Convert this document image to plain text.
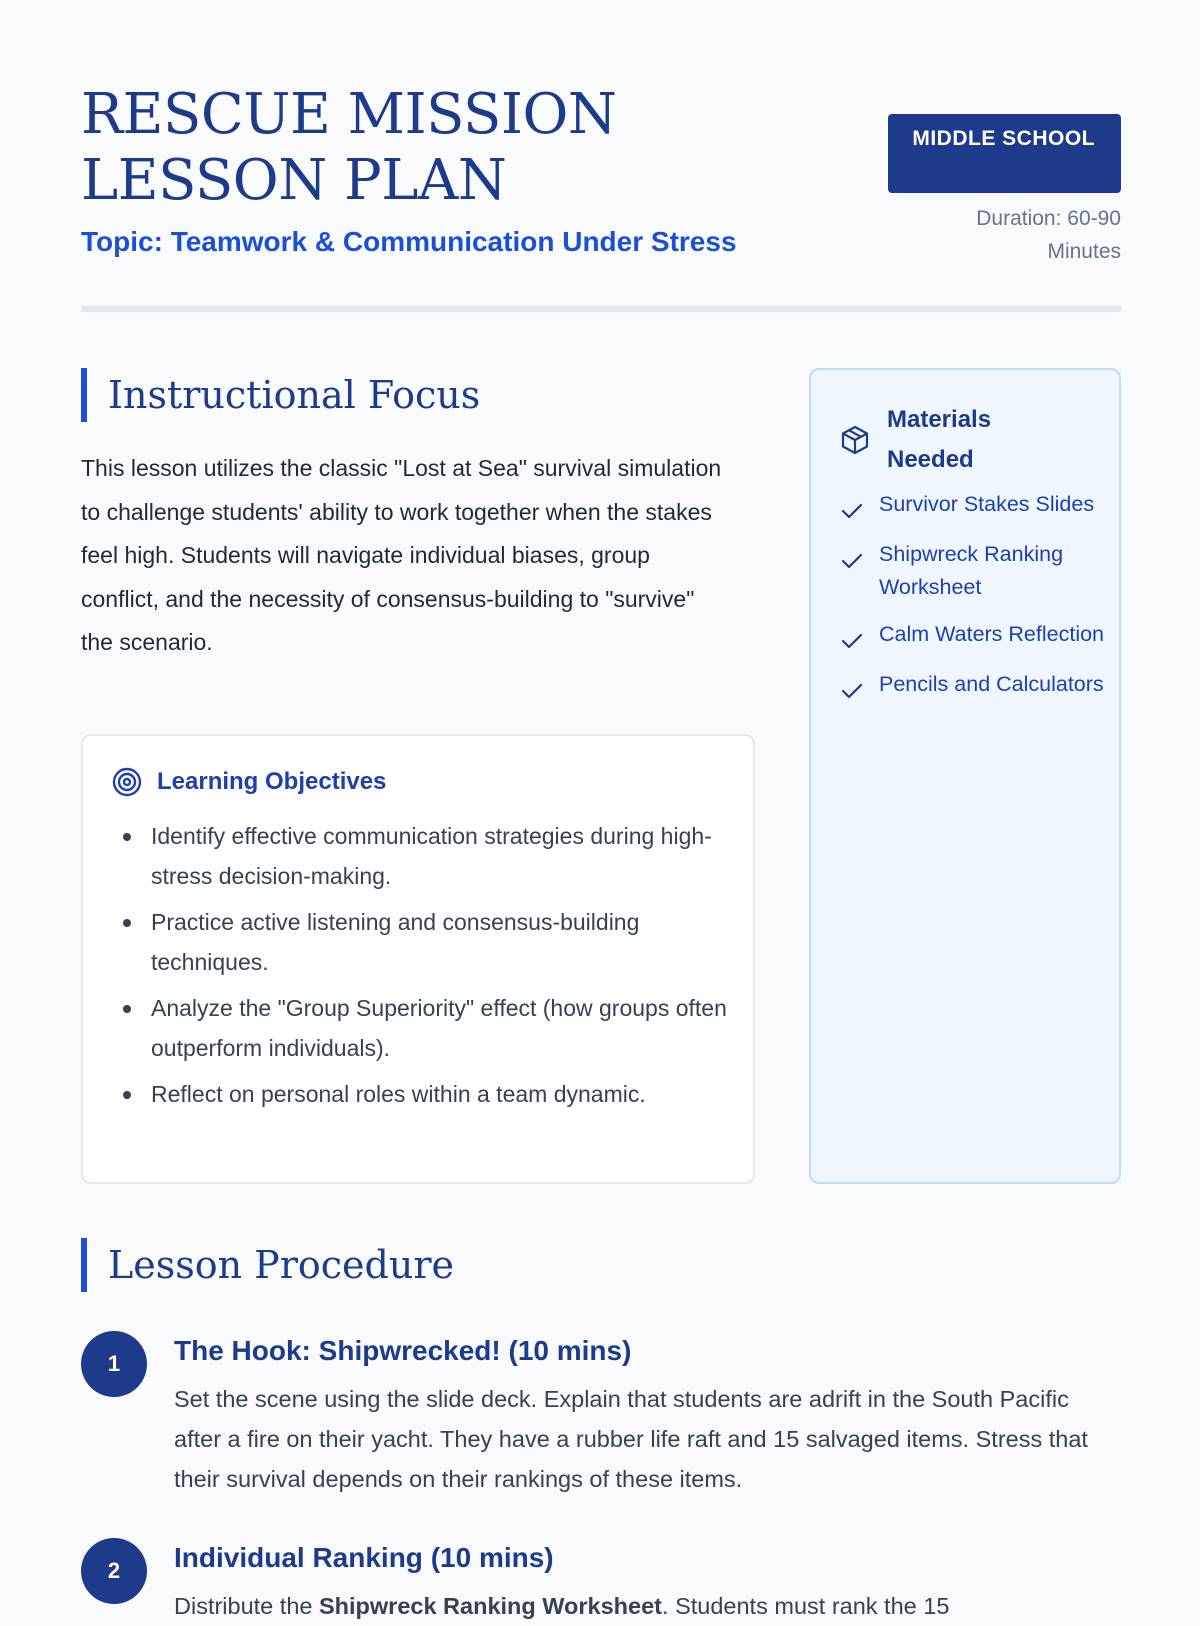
RESCUE MISSION LESSON PLAN
Topic: Teamwork & Communication Under Stress
MIDDLE SCHOOL
Duration: 60-90 Minutes
Instructional Focus

This lesson utilizes the classic "Lost at Sea" survival simulation to challenge students' ability to work together when the stakes feel high. Students will navigate individual biases, group conflict, and the necessity of consensus-building to "survive" the scenario.

Learning Objectives
Identify effective communication strategies during high-stress decision-making.
Practice active listening and consensus-building techniques.
Analyze the "Group Superiority" effect (how groups often outperform individuals).
Reflect on personal roles within a team dynamic.
Materials Needed
Survivor Stakes Slides
Shipwreck Ranking Worksheet
Calm Waters Reflection
Pencils and Calculators
Lesson Procedure
1	The Hook: Shipwrecked! (10 mins)

Set the scene using the slide deck. Explain that students are adrift in the South Pacific after a fire on their yacht. They have a rubber life raft and 15 salvaged items. Stress that their survival depends on their rankings of these items.

2	Individual Ranking (10 mins)

Distribute the Shipwreck Ranking Worksheet. Students must rank the 15
